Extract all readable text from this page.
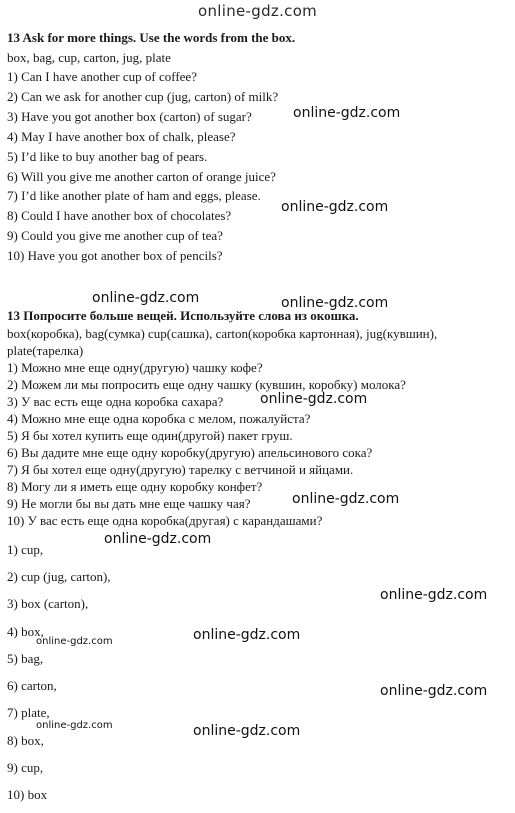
online-gdz.com
13 Ask for more things. Use the words from the box.
box, bag, cup, carton, jug, plate
1) Can I have another cup of coffee?
2) Can we ask for another cup (jug, carton) of milk?
3) Have you got another box (carton) of sugar?
4) May I have another box of chalk, please?
5) I’d like to buy another bag of pears.
6) Will you give me another carton of orange juice?
7) I’d like another plate of ham and eggs, please.
8) Could I have another box of chocolates?
9) Could you give me another cup of tea?
10) Have you got another box of pencils?
13 Попросите больше вещей. Используйте слова из окошка.
box(коробка), bag(сумка) cup(сашка), carton(коробка картонная), jug(кувшин),
plate(тарелка)
1) Можно мне еще одну(другую) чашку кофе?
2) Можем ли мы попросить еще одну чашку (кувшин, коробку) молока?
3) У вас есть еще одна коробка сахара?
4) Можно мне еще одна коробка с мелом, пожалуйста?
5) Я бы хотел купить еще один(другой) пакет груш.
6) Вы дадите мне еще одну коробку(другую) апельсинового сока?
7) Я бы хотел еще одну(другую) тарелку с ветчиной и яйцами.
8) Могу ли я иметь еще одну коробку конфет?
9) Не могли бы вы дать мне еще чашку чая?
10) У вас есть еще одна коробка(другая) с карандашами?
1) cup,
2) cup (jug, carton),
3) box (carton),
4) box,
5) bag,
6) carton,
7) plate,
8) box,
9) cup,
10) box
online-gdz.com
online-gdz.com
online-gdz.com	online-gdz.com
online-gdz.com
online-gdz.com
online-gdz.com
online-gdz.com
online-gdz.com	online-gdz.com
online-gdz.com
online-gdz.com	online-gdz.com
